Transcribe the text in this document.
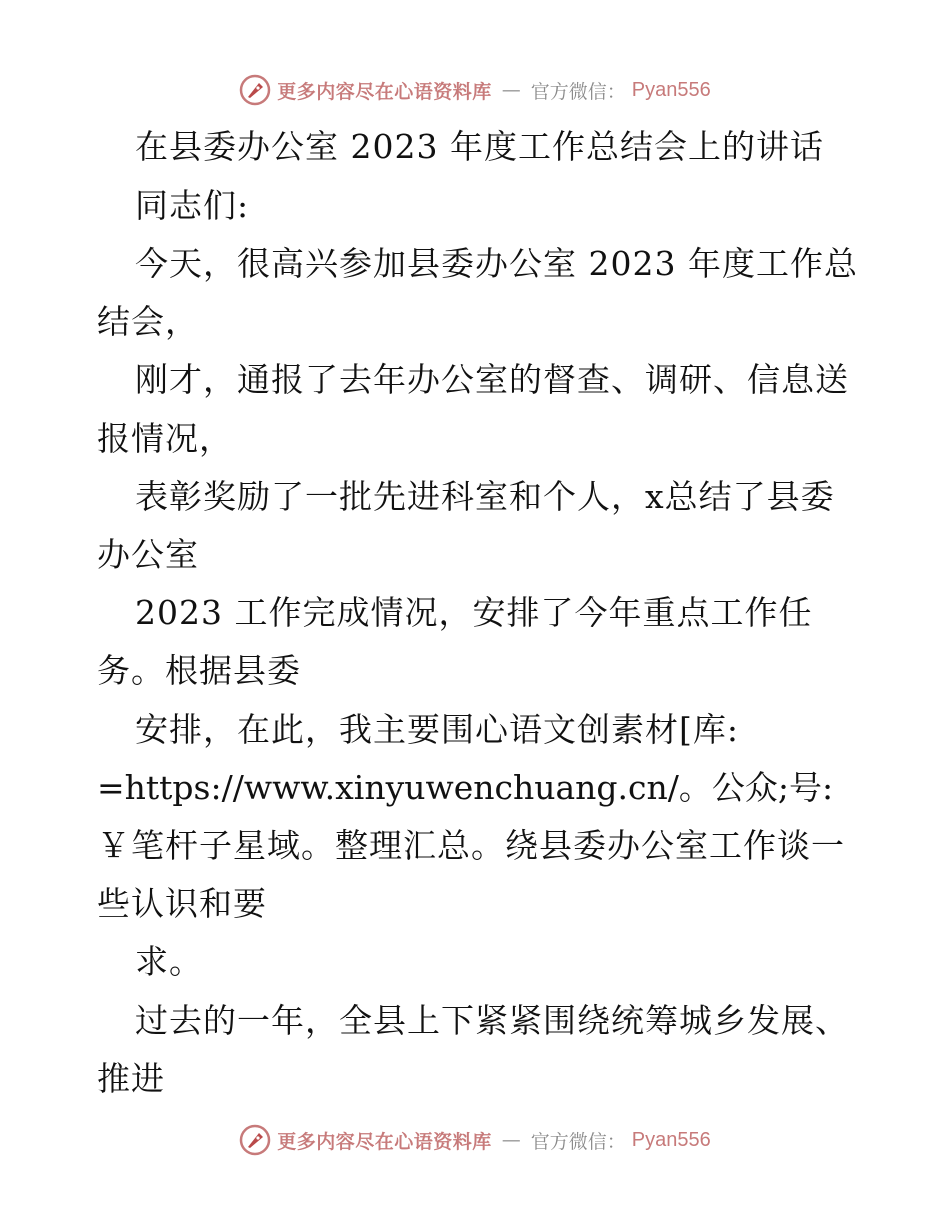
更多内容尽在心语资料库 — 官方微信： Pyan556
在县委办公室 2023 年度工作总结会上的讲话
同志们:
今天，很高兴参加县委办公室 2023 年度工作总
结会，
刚才，通报了去年办公室的督查、调研、信息送
报情况，
表彰奖励了一批先进科室和个人，x总结了县委
办公室
2023 工作完成情况，安排了今年重点工作任
务。根据县委
安排，在此，我主要围心语文创素材[库:
=https://www.xinyuwenchuang.cn/。公众;号:
￥笔杆子星域。整理汇总。绕县委办公室工作谈一
些认识和要
求。
过去的一年，全县上下紧紧围绕统筹城乡发展、
推进
更多内容尽在心语资料库 — 官方微信： Pyan556
